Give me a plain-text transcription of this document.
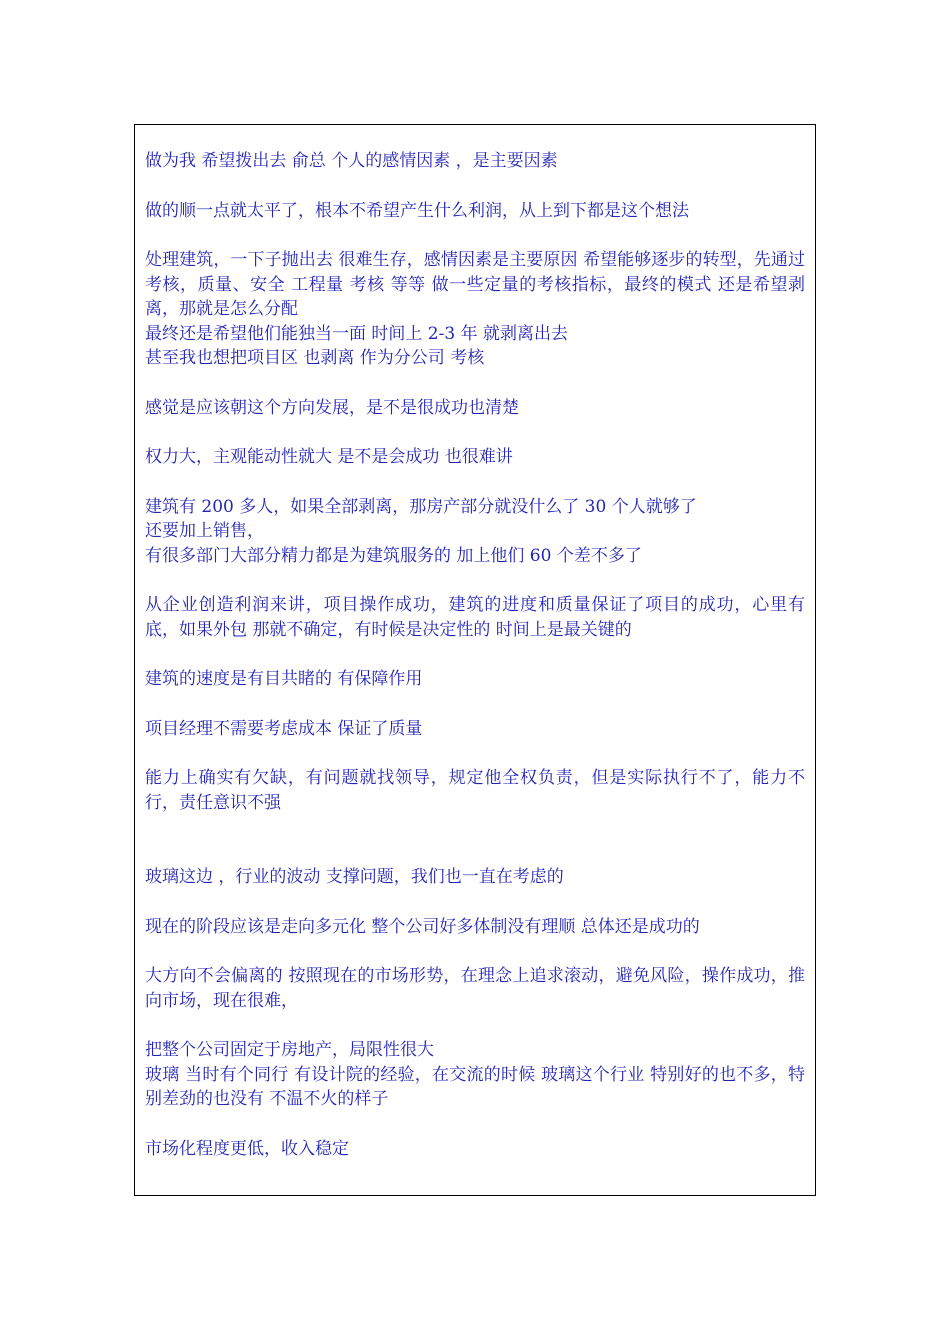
做为我 希望拨出去 俞总 个人的感情因素 ，是主要因素

做的顺一点就太平了，根本不希望产生什么利润，从上到下都是这个想法

处理建筑，一下子抛出去 很难生存，感情因素是主要原因 希望能够逐步的转型，先通过考核，质量、安全 工程量 考核 等等 做一些定量的考核指标，最终的模式 还是希望剥离，那就是怎么分配

最终还是希望他们能独当一面 时间上 2-3 年 就剥离出去

甚至我也想把项目区 也剥离 作为分公司 考核

感觉是应该朝这个方向发展，是不是很成功也清楚

权力大，主观能动性就大 是不是会成功 也很难讲

建筑有 200 多人，如果全部剥离，那房产部分就没什么了 30 个人就够了

还要加上销售，

有很多部门大部分精力都是为建筑服务的 加上他们 60 个差不多了

从企业创造利润来讲，项目操作成功，建筑的进度和质量保证了项目的成功，心里有底，如果外包 那就不确定，有时候是决定性的 时间上是最关键的

建筑的速度是有目共睹的 有保障作用

项目经理不需要考虑成本 保证了质量

能力上确实有欠缺，有问题就找领导，规定他全权负责，但是实际执行不了，能力不行，责任意识不强

玻璃这边 ，行业的波动 支撑问题，我们也一直在考虑的

现在的阶段应该是走向多元化 整个公司好多体制没有理顺 总体还是成功的

大方向不会偏离的 按照现在的市场形势，在理念上追求滚动，避免风险，操作成功，推向市场，现在很难，

把整个公司固定于房地产，局限性很大

玻璃 当时有个同行 有设计院的经验，在交流的时候 玻璃这个行业 特别好的也不多，特别差劲的也没有 不温不火的样子

市场化程度更低，收入稳定
